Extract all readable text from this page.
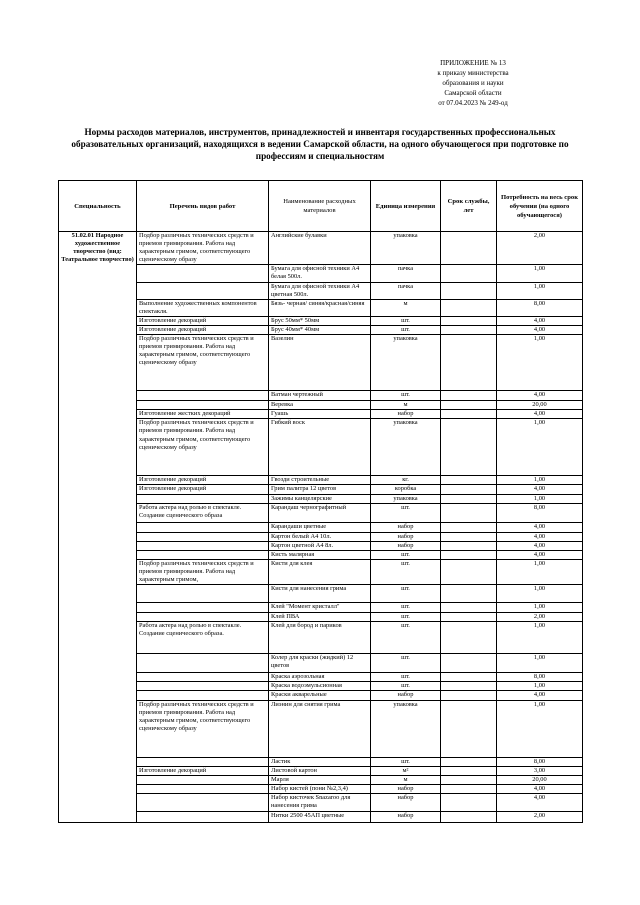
ПРИЛОЖЕНИЕ № 13
к приказу министерства
образования и науки
Самарской области
от 07.04.2023 № 249-од
Нормы расходов материалов, инструментов, принадлежностей и инвентаря государственных профессиональных образовательных организаций, находящихся в ведении Самарской области, на одного обучающегося при подготовке по профессиям и специальностям
Специальность	Перечень видов работ	Наименование расходных материалов	Единица измерения	Срок службы, лет	Потребность на весь срок обучения (на одного обучающегося)
51.02.01 Народное художественное творчество (вид: Театральное творчество)	Подбор различных технических средств и приемов гримирования. Работа над характерным гримом, соответствующего сценическому образу	Английские булавки	упаковка		2,00
		Бумага для офисной техники А4 белая 500л.	пачка		1,00
		Бумага для офисной техники А4 цветная 500л.	пачка		1,00
	Выполнение художественных компонентов спектакля.	Бязь- черная/ синяя/красная/синяя	м		8,00
	Изготовление декораций	Брус 50мм* 50мм	шт.		4,00
	Изготовление декораций	Брус 40мм* 40мм	шт.		4,00
	Подбор различных технических средств и приемов гримирования. Работа над характерным гримом, соответствующего сценическому образу	Вазелин	упаковка		1,00
		Ватман чертежный	шт.		4,00
		Веревка	м		20,00
	Изготовление жестких декораций	Гуашь	набор		4,00
	Подбор различных технических средств и приемов гримирования. Работа над характерным гримом, соответствующего сценическому образу	Гибкий воск	упаковка		1,00
	Изготовление декораций	Гвозди строительные	кг.		1,00
	Изготовление декораций	Грим палитра 12 цветов	коробка		4,00
		Зажимы канцелярские	упаковка		1,00
	Работа актера над ролью в спектакле. Создание сценического образа	Карандаш чернографитный	шт.		8,00
		Карандаши цветные	набор		4,00
		Картон белый А4 10л.	набор		4,00
		Картон цветной А4 8л.	набор		4,00
		Кисть малярная	шт.		4,00
	Подбор различных технических средств и приемов гримирования. Работа над характерным гримом,	Кисти для клея	шт.		1,00
		Кисти для нанесения грима	шт.		1,00
		Клей "Момент кристалл"	шт.		1,00
		Клей ПВА	шт.		2,00
	Работа актера над ролью в спектакле. Создание сценического образа.	Клей для бород и париков	шт.		1,00
		Колер для краски (жидкий) 12 цветов	шт.		1,00
		Краска аэрозольная	шт.		8,00
		Краска водоэмульсионная	шт.		1,00
		Краски акварельные	набор		4,00
	Подбор различных технических средств и приемов гримирования. Работа над характерным гримом, соответствующего сценическому образу	Лиэнин для снятия грима	упаковка		1,00
		Ластик	шт.		8,00
	Изготовление декораций	Листовой картон	м²		3,00
		Марля	м		20,00
		Набор кистей (пони №2,3,4)	набор		4,00
		Набор кисточек Snazaroo для нанесения грима	набор		4,00
		Нитки 2500 45АП цветные	набор		2,00
